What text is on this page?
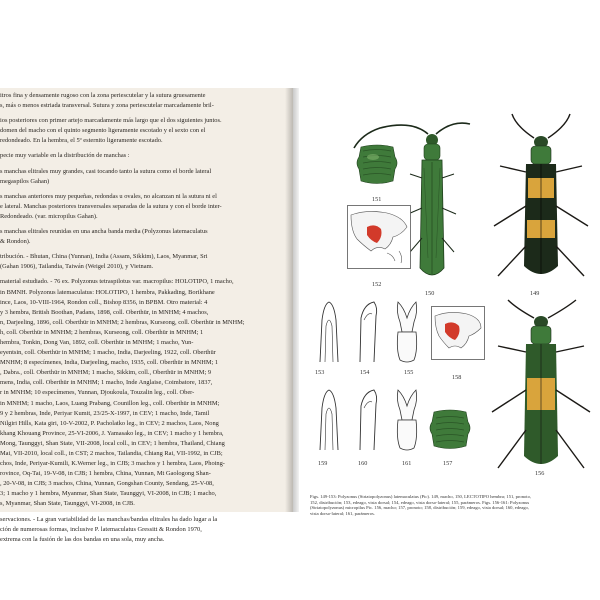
itros fina y densamente rugoso con la zona periescutelar y la sutura gruesamente

s, más o menos estriada transversal. Sutura y zona periescutelar marcadamente bril-

ios posteriores con primer artejo marcadamente más largo que el dos siguientes juntos.

domen del macho con el quinto segmento ligeramente escotado y el sexto con el

redondeado. En la hembra, el 5º esternito ligeramente escotado.

pecie muy variable en la distribución de manchas :

s manchas elitrales muy grandes, casi tocando tanto la sutura como el borde lateral

megaspilos Gahan)

s manchas anteriores muy pequeñas, redondas u ovales, no alcanzan ni la sutura ni el

e lateral. Manchas posteriores transversales separadas de la sutura y con el borde inter-

Redondeado. (var. micropilus Gahan).

s manchas elitrales reunidas en una ancha banda media (Polyzonus latemaculatus

& Rondon).

tribución. - Bhutan, China (Yunnan), India (Assam, Sikkim), Laos, Myanmar, Sri

(Gahan 1906), Tailandia, Taiwán (Weigel 2010), y Vietnam.

material estudiado. - 76 ex. Polyzonus tetraspilotus var. macropilus: HOLOTIPO, 1 macho,

in BMNH. Polyzonus latemaculatus: HOLOTIPO, 1 hembra, Pakkading, Borikhane

ince, Laos, 10-VIII-1964, Rondon coll., Bishop 8356, in BPBM. Otro material: 4

y 3 hembra, British Boothan, Padans, 1898, coll. Oberthür, in MNHM; 4 machos,

n, Darjeeling, 1896, coll. Oberthür in MNHM; 2 hembras, Kurseong, coll. Oberthür in MNHM;

h, coll. Oberthür in MNHM; 2 hembras, Kurseong, coll. Oberthür in MNHM; 1

hembra, Tonkin, Dong Van, 1892, coll. Oberthür in MNHM; 1 macho, Yun-

eyentsin, coll. Oberthür in MNHM; 1 macho, India, Darjeeling, 1922, coll. Oberthür

MNHM; 8 especímenes, India, Darjeeling, macho, 1935, coll. Oberthür in MNHM; 1

, Dabra., coll. Oberthür in MNHM; 1 macho, Sikkim, coll., Oberthür in MNHM; 9

mens, India, coll. Oberthür in MNHM; 1 macho, Inde Anglaise, Coimbatore, 1837,

r in MNHM; 10 especímenes, Yunnan, Djoukoula, Touzalin leg., coll. Ober-

in MNHM; 1 macho, Laos, Luang Prabang, Counillon leg., coll. Oberthür in MNHM;

9 y 2 hembras, Inde, Periyar Kumit, 23/25-X-1997, in CEV; 1 macho, Inde, Tamil

Nilgiri Hills, Kata giri, 10-V-2002, P. Pacholatko leg., in CEV; 2 machos, Laos, Nong

khang Khouang Province, 25-VI-2006, J. Yamasako leg., in CEV; 1 macho y 1 hembra,

Mong, Taunggyi, Shan State, VII-2008, local coll., in CEV; 1 hembra, Thailand, Chiang

Mai, VII-2010, local coll., in CST; 2 machos, Tailandia, Chiang Rai, VII-1992, in CJB;

chos, Inde, Periyar-Kumili, K.Werner leg., in CJB; 3 machos y 1 hembra, Laos, Phoing-

rovince, Oq-Tai, 19-V-08, in CJB; 1 hembra, China, Yunnan, Mt Gaologong Shan-

, 20-V-08, in CJB; 3 machos, China, Yunnan, Gongshan County, Sendang, 25-V-08,

3; 1 macho y 1 hembra, Myanmar, Shan State, Taunggyi, VI-2008, in CJB; 1 macho,

s, Myanmar, Shan State, Taunggyi, VI-2008, in CJB.

servaciones. - La gran variabilidad de las manchas/bandas elitrales ha dado lugar a la

ción de numerosas formas, inclusive P. latemaculatus Gressitt & Rondon 1970,

extrema con la fusión de las dos bandas en una sola, muy ancha.

151
150	149
152
153	154	155
158
159	160	161	157
156
Figs. 149-153: Polyzonus (Striatopolyzonus) latemaculatus (Pic). 149, macho, 150, LECTOTIPO hembra; 151, pronoto,
152, distribución; 153, edeago, vista dorsal; 154, edeago, vista dorso-lateral; 155, parámeros. Figs. 156-161: Polyzonus
(Striatopolyzonus) micropilus Pic. 156, macho; 157, pronoto; 158, distribución; 159, edeago, vista dorsal; 160, edeago,
vista dorso-lateral; 161, parámeros.
